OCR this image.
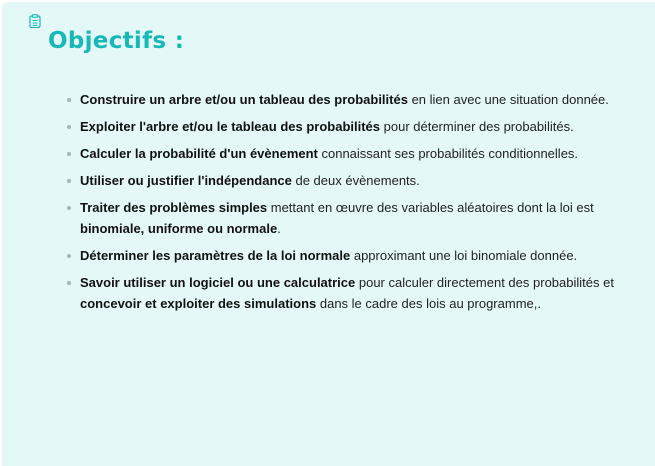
Objectifs :
Construire un arbre et/ou un tableau des probabilités en lien avec une situation donnée.
Exploiter l'arbre et/ou le tableau des probabilités pour déterminer des probabilités.
Calculer la probabilité d'un évènement connaissant ses probabilités conditionnelles.
Utiliser ou justifier l'indépendance de deux évènements.
Traiter des problèmes simples mettant en œuvre des variables aléatoires dont la loi est binomiale, uniforme ou normale.
Déterminer les paramètres de la loi normale approximant une loi binomiale donnée.
Savoir utiliser un logiciel ou une calculatrice pour calculer directement des probabilités et concevoir et exploiter des simulations dans le cadre des lois au programme,.
